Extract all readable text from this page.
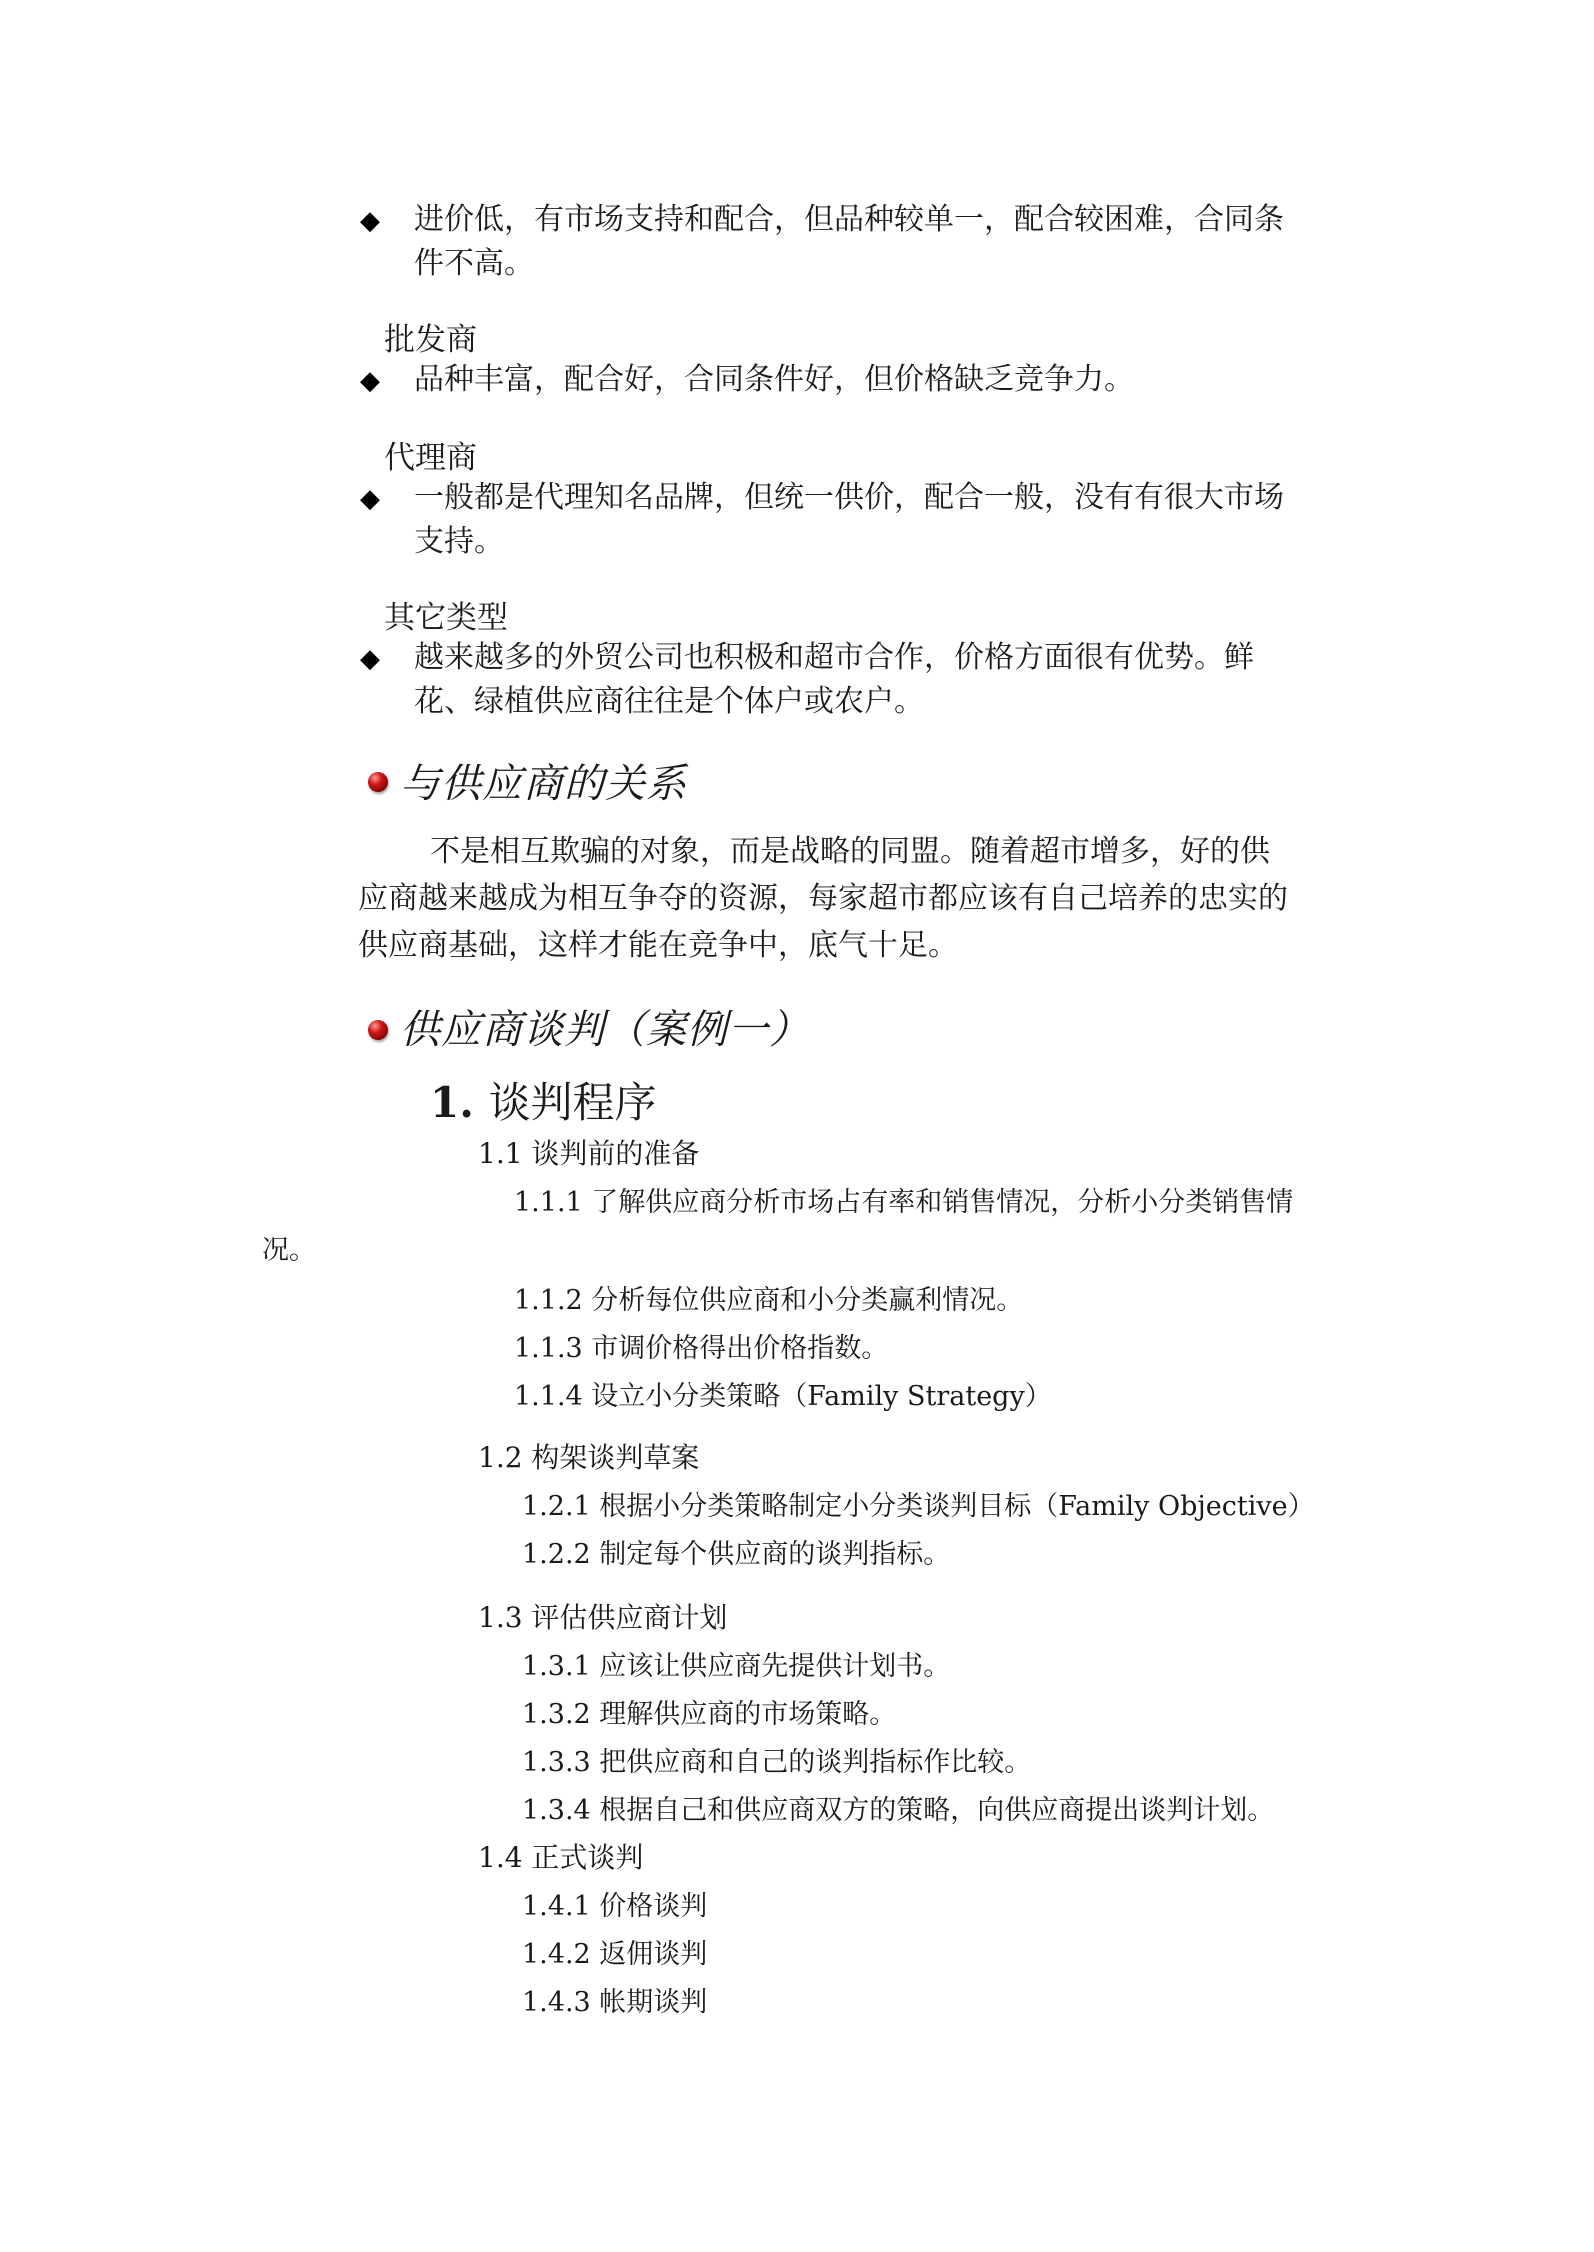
◆ 进价低，有市场支持和配合，但品种较单一，配合较困难，合同条
件不高。
批发商
◆ 品种丰富，配合好，合同条件好，但价格缺乏竞争力。
代理商
◆ 一般都是代理知名品牌，但统一供价，配合一般，没有有很大市场
支持。
其它类型
◆ 越来越多的外贸公司也积极和超市合作，价格方面很有优势。鲜
花、绿植供应商往往是个体户或农户。
与供应商的关系
不是相互欺骗的对象，而是战略的同盟。随着超市增多，好的供
应商越来越成为相互争夺的资源，每家超市都应该有自己培养的忠实的
供应商基础，这样才能在竞争中，底气十足。
供应商谈判（案例一）
1. 谈判程序
1.1 谈判前的准备
1.1.1 了解供应商分析市场占有率和销售情况，分析小分类销售情
况。
1.1.2 分析每位供应商和小分类赢利情况。
1.1.3 市调价格得出价格指数。
1.1.4 设立小分类策略（Family Strategy）
1.2 构架谈判草案
1.2.1 根据小分类策略制定小分类谈判目标（Family Objective）
1.2.2 制定每个供应商的谈判指标。
1.3 评估供应商计划
1.3.1 应该让供应商先提供计划书。
1.3.2 理解供应商的市场策略。
1.3.3 把供应商和自己的谈判指标作比较。
1.3.4 根据自己和供应商双方的策略，向供应商提出谈判计划。
1.4 正式谈判
1.4.1 价格谈判
1.4.2 返佣谈判
1.4.3 帐期谈判
